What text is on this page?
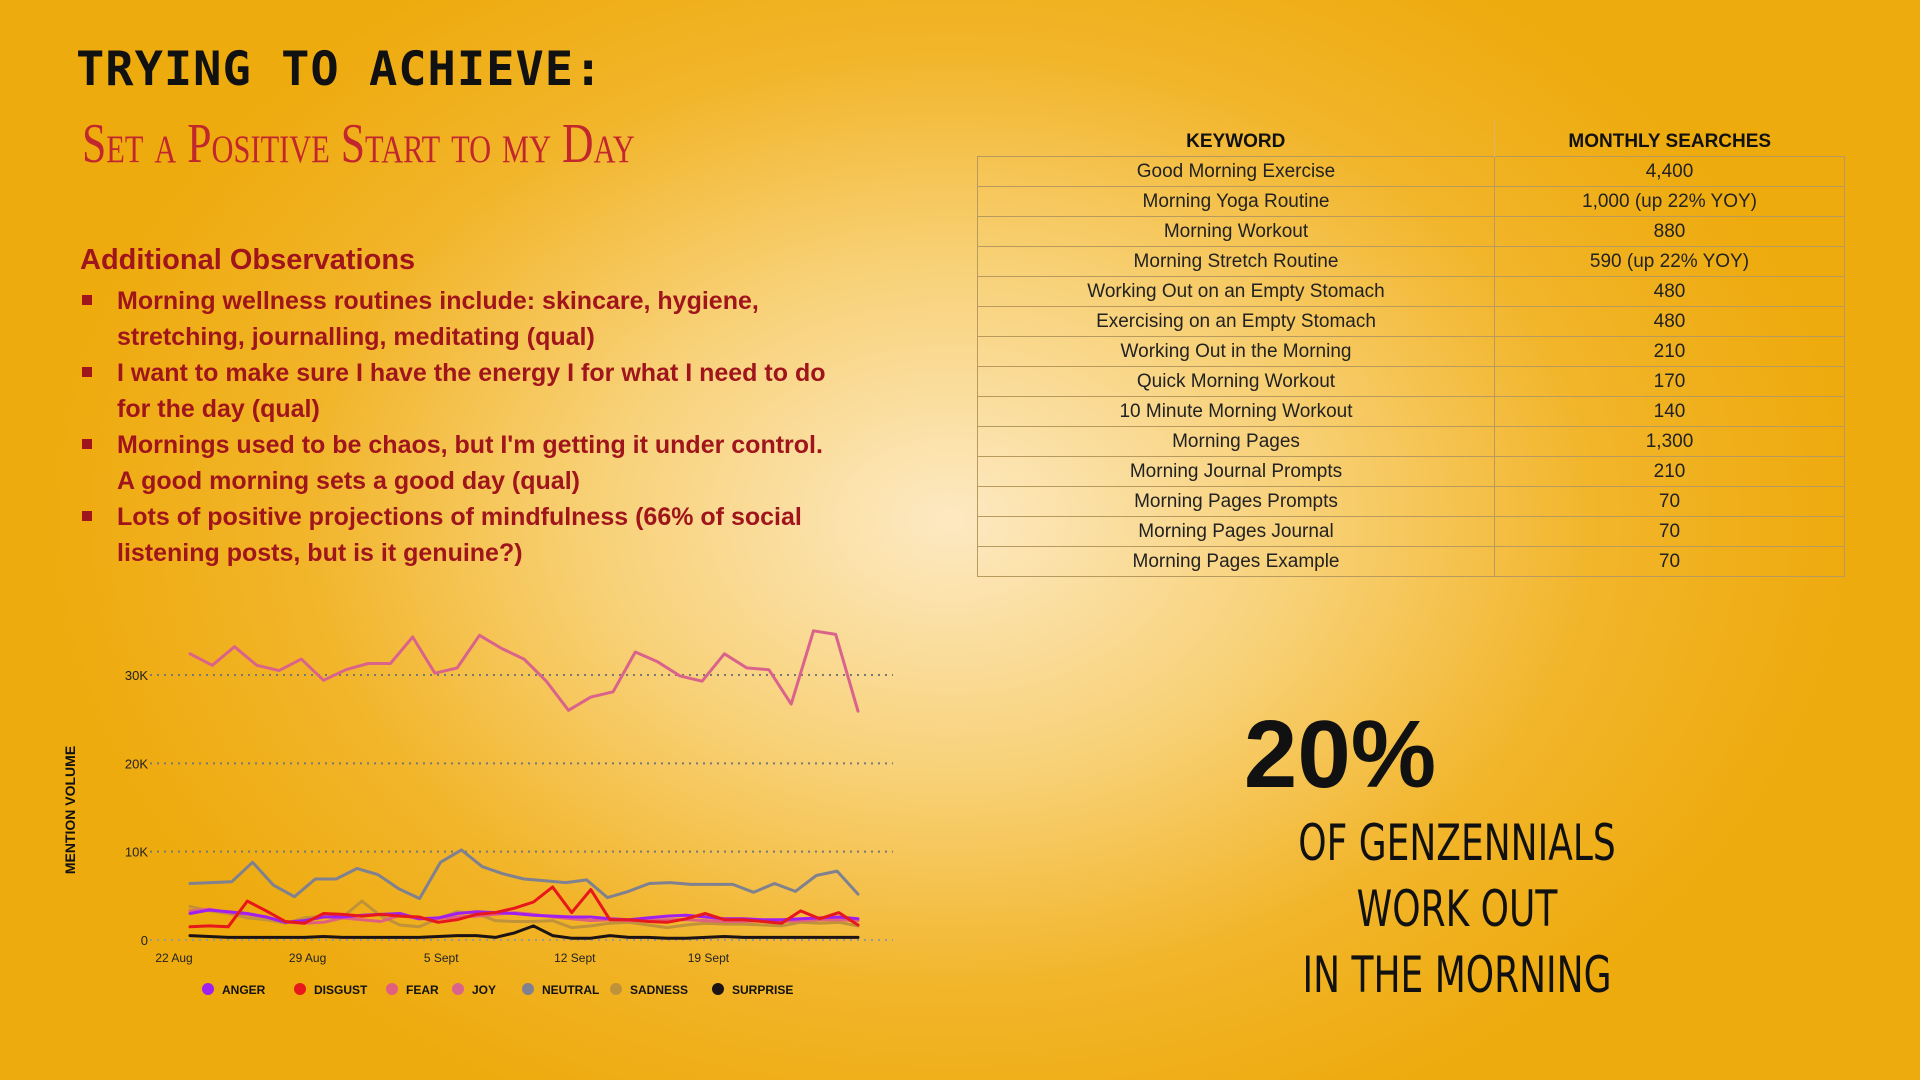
TRYING TO ACHIEVE:
Set a Positive Start to my Day
Additional Observations
Morning wellness routines include: skincare, hygiene, stretching, journalling, meditating (qual)
I want to make sure I have the energy I for what I need to do for the day (qual)
Mornings used to be chaos, but I'm getting it under control. A good morning sets a good day (qual)
Lots of positive projections of mindfulness (66% of social listening posts, but is it genuine?)
KEYWORD	MONTHLY SEARCHES
Good Morning Exercise	4,400
Morning Yoga Routine	1,000 (up 22% YOY)
Morning Workout	880
Morning Stretch Routine	590 (up 22% YOY)
Working Out on an Empty Stomach	480
Exercising on an Empty Stomach	480
Working Out in the Morning	210
Quick Morning Workout	170
10 Minute Morning Workout	140
Morning Pages	1,300
Morning Journal Prompts	210
Morning Pages Prompts	70
Morning Pages Journal	70
Morning Pages Example	70
20%
OF GENZENNIALS WORK OUT
IN THE MORNING
0
10K
20K
30K
22 Aug	29 Aug	5 Sept	12 Sept	19 Sept
MENTION VOLUME
ANGER	DISGUST	FEAR	JOY	NEUTRAL	SADNESS	SURPRISE
